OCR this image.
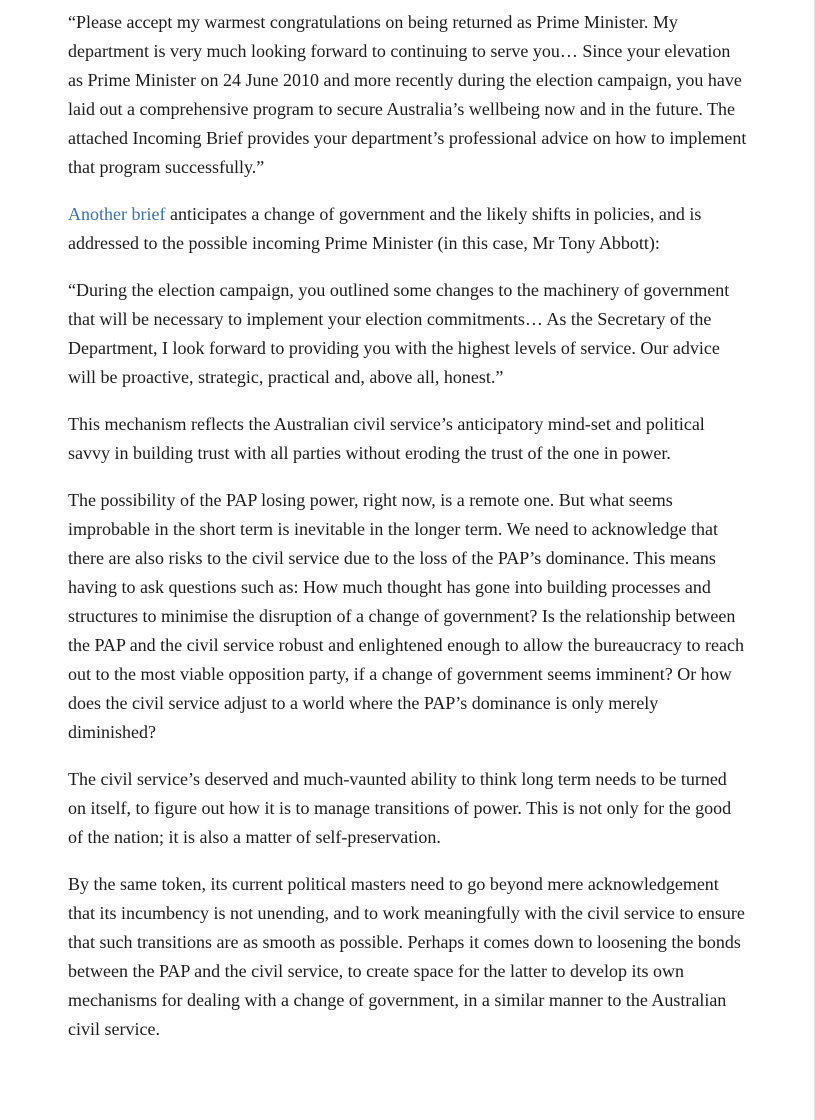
“Please accept my warmest congratulations on being returned as Prime Minister. My department is very much looking forward to continuing to serve you… Since your elevation as Prime Minister on 24 June 2010 and more recently during the election campaign, you have laid out a comprehensive program to secure Australia’s wellbeing now and in the future. The attached Incoming Brief provides your department’s professional advice on how to implement that program successfully.”

Another brief anticipates a change of government and the likely shifts in policies, and is addressed to the possible incoming Prime Minister (in this case, Mr Tony Abbott):

“During the election campaign, you outlined some changes to the machinery of government that will be necessary to implement your election commitments… As the Secretary of the Department, I look forward to providing you with the highest levels of service. Our advice will be proactive, strategic, practical and, above all, honest.”

This mechanism reflects the Australian civil service’s anticipatory mind-set and political savvy in building trust with all parties without eroding the trust of the one in power.

The possibility of the PAP losing power, right now, is a remote one. But what seems improbable in the short term is inevitable in the longer term. We need to acknowledge that there are also risks to the civil service due to the loss of the PAP’s dominance. This means having to ask questions such as: How much thought has gone into building processes and structures to minimise the disruption of a change of government? Is the relationship between the PAP and the civil service robust and enlightened enough to allow the bureaucracy to reach out to the most viable opposition party, if a change of government seems imminent? Or how does the civil service adjust to a world where the PAP’s dominance is only merely diminished?

The civil service’s deserved and much-vaunted ability to think long term needs to be turned on itself, to figure out how it is to manage transitions of power. This is not only for the good of the nation; it is also a matter of self-preservation.

By the same token, its current political masters need to go beyond mere acknowledgement that its incumbency is not unending, and to work meaningfully with the civil service to ensure that such transitions are as smooth as possible. Perhaps it comes down to loosening the bonds between the PAP and the civil service, to create space for the latter to develop its own mechanisms for dealing with a change of government, in a similar manner to the Australian civil service.
